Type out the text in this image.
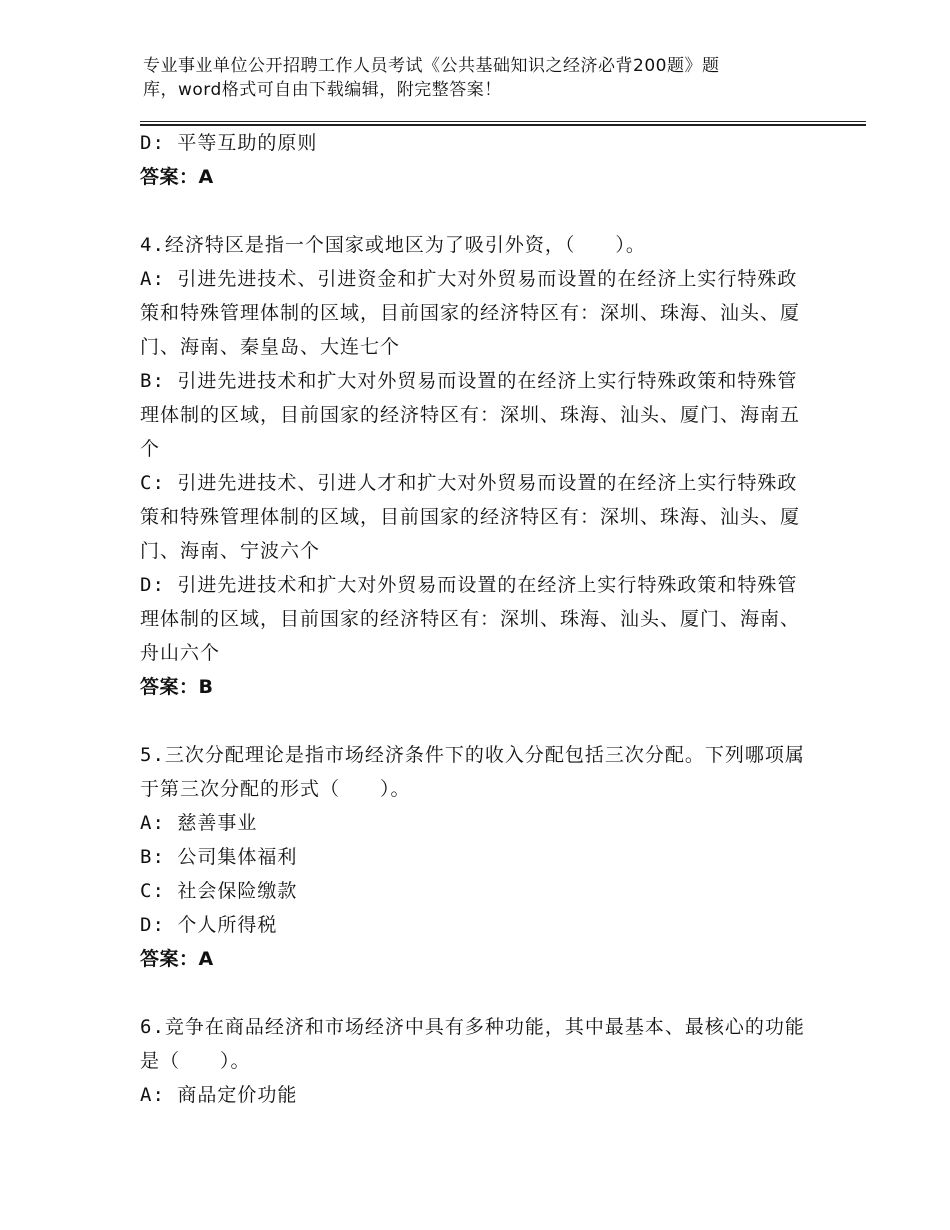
专业事业单位公开招聘工作人员考试《公共基础知识之经济必背200题》题
库，word格式可自由下载编辑，附完整答案！
D: 平等互助的原则
答案：A
4.经济特区是指一个国家或地区为了吸引外资，（　　）。
A: 引进先进技术、引进资金和扩大对外贸易而设置的在经济上实行特殊政策和特殊管理体制的区域，目前国家的经济特区有：深圳、珠海、汕头、厦门、海南、秦皇岛、大连七个
B: 引进先进技术和扩大对外贸易而设置的在经济上实行特殊政策和特殊管理体制的区域，目前国家的经济特区有：深圳、珠海、汕头、厦门、海南五个
C: 引进先进技术、引进人才和扩大对外贸易而设置的在经济上实行特殊政策和特殊管理体制的区域，目前国家的经济特区有：深圳、珠海、汕头、厦门、海南、宁波六个
D: 引进先进技术和扩大对外贸易而设置的在经济上实行特殊政策和特殊管理体制的区域，目前国家的经济特区有：深圳、珠海、汕头、厦门、海南、舟山六个
答案：B
5.三次分配理论是指市场经济条件下的收入分配包括三次分配。下列哪项属于第三次分配的形式（　　）。
A: 慈善事业
B: 公司集体福利
C: 社会保险缴款
D: 个人所得税
答案：A
6.竞争在商品经济和市场经济中具有多种功能，其中最基本、最核心的功能是（　　）。
A: 商品定价功能
